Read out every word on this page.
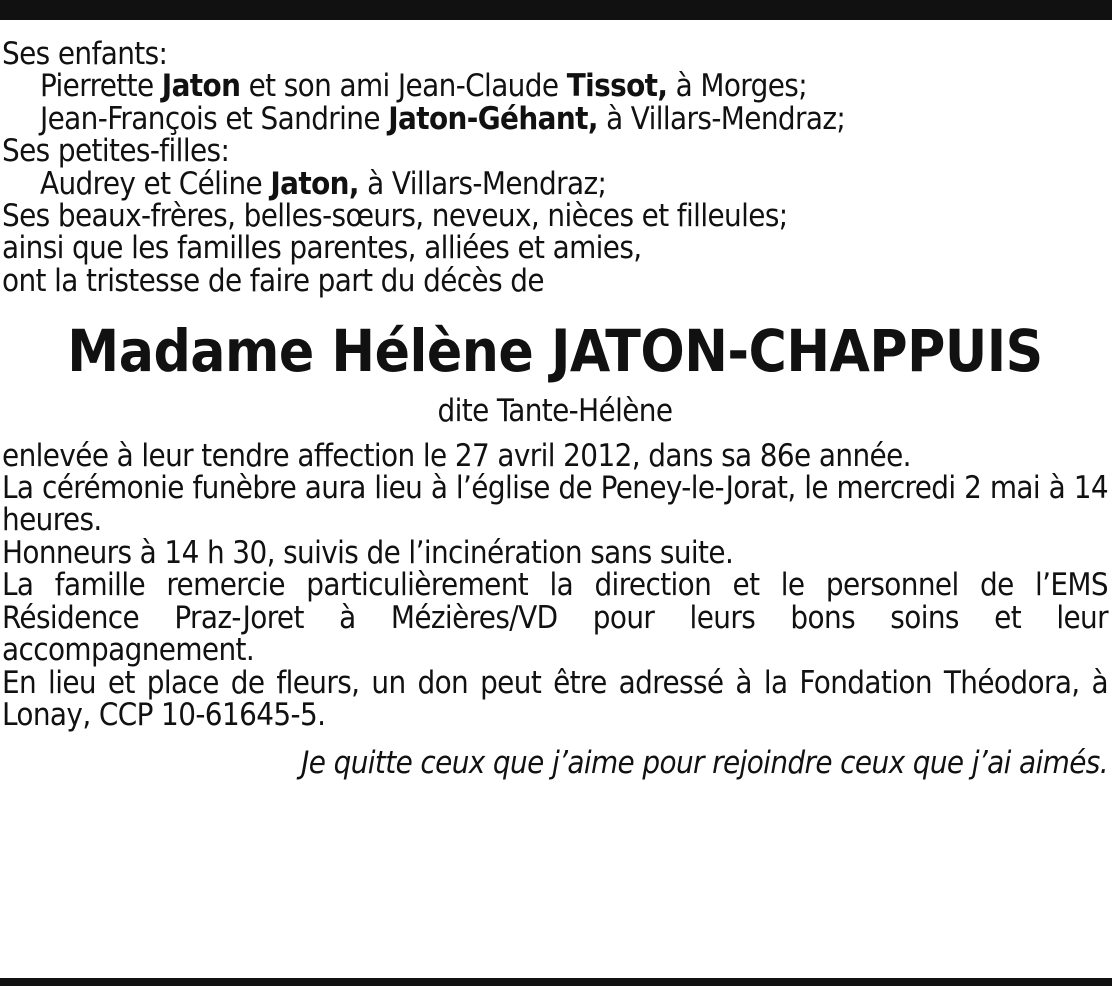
Ses enfants:
Pierrette Jaton et son ami Jean-Claude Tissot, à Morges;
Jean-François et Sandrine Jaton-Géhant, à Villars-Mendraz;
Ses petites-filles:
Audrey et Céline Jaton, à Villars-Mendraz;
Ses beaux-frères, belles-sœurs, neveux, nièces et filleules;
ainsi que les familles parentes, alliées et amies,
ont la tristesse de faire part du décès de
Madame Hélène JATON-CHAPPUIS
dite Tante-Hélène
enlevée à leur tendre affection le 27 avril 2012, dans sa 86e année.
La cérémonie funèbre aura lieu à l’église de Peney-le-Jorat, le mercredi 2 mai à 14 heures.
Honneurs à 14 h 30, suivis de l’incinération sans suite.
La famille remercie particulièrement la direction et le personnel de l’EMS Résidence Praz-Joret à Mézières/VD pour leurs bons soins et leur accompagnement.
En lieu et place de fleurs, un don peut être adressé à la Fondation Théodora, à Lonay, CCP 10-61645-5.
Je quitte ceux que j’aime pour rejoindre ceux que j’ai aimés.
